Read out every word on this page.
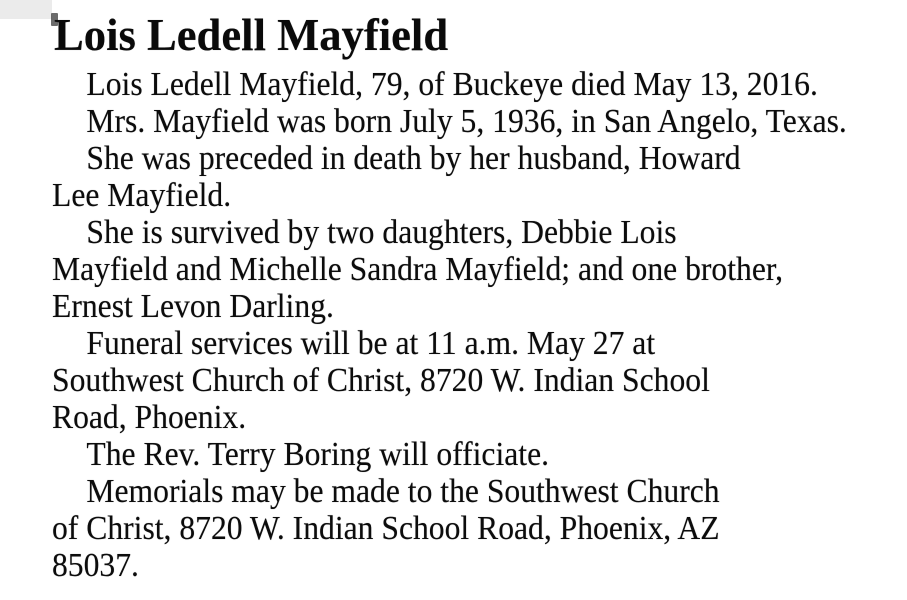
Lois Ledell Mayfield

Lois Ledell Mayfield, 79, of Buckeye died May 13, 2016.

Mrs. Mayfield was born July 5, 1936, in San Angelo, Texas.

She was preceded in death by her husband, Howard
Lee Mayfield.

She is survived by two daughters, Debbie Lois
Mayfield and Michelle Sandra Mayfield; and one brother,
Ernest Levon Darling.

Funeral services will be at 11 a.m. May 27 at
Southwest Church of Christ, 8720 W. Indian School
Road, Phoenix.

The Rev. Terry Boring will officiate.

Memorials may be made to the Southwest Church
of Christ, 8720 W. Indian School Road, Phoenix, AZ
85037.
